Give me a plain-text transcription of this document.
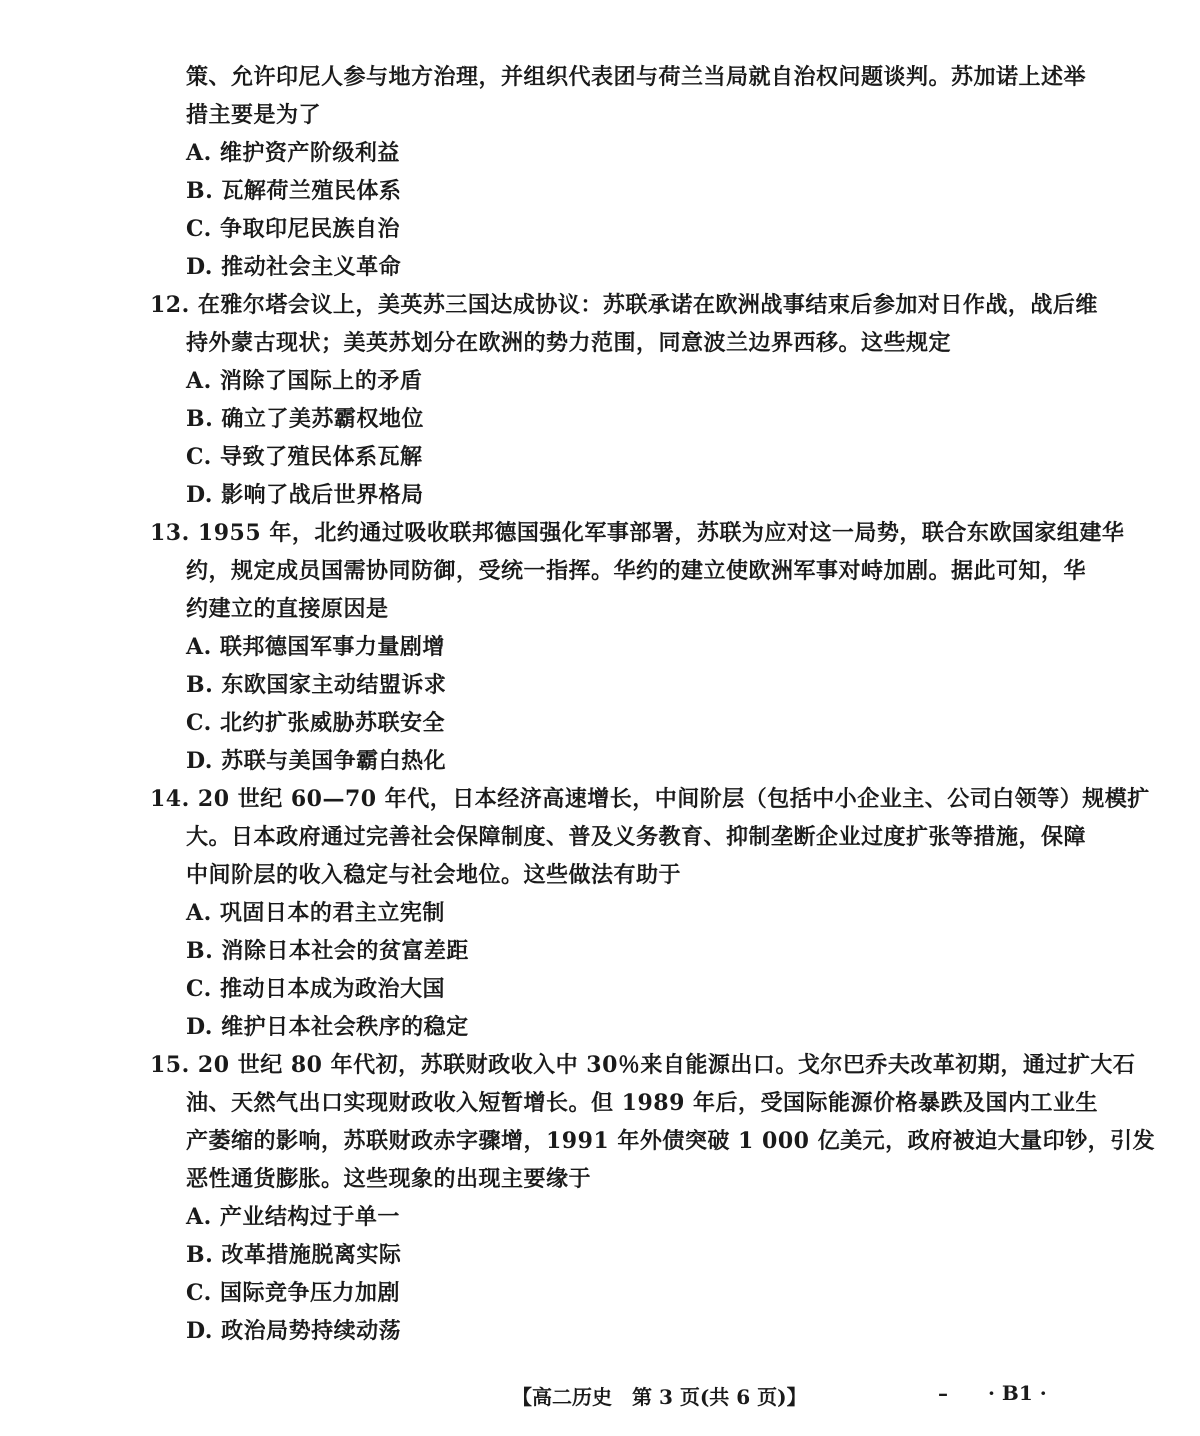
策、允许印尼人参与地方治理，并组织代表团与荷兰当局就自治权问题谈判。苏加诺上述举
措主要是为了
A. 维护资产阶级利益
B. 瓦解荷兰殖民体系
C. 争取印尼民族自治
D. 推动社会主义革命
12. 在雅尔塔会议上，美英苏三国达成协议：苏联承诺在欧洲战事结束后参加对日作战，战后维
持外蒙古现状；美英苏划分在欧洲的势力范围，同意波兰边界西移。这些规定
A. 消除了国际上的矛盾
B. 确立了美苏霸权地位
C. 导致了殖民体系瓦解
D. 影响了战后世界格局
13. 1955 年，北约通过吸收联邦德国强化军事部署，苏联为应对这一局势，联合东欧国家组建华
约，规定成员国需协同防御，受统一指挥。华约的建立使欧洲军事对峙加剧。据此可知，华
约建立的直接原因是
A. 联邦德国军事力量剧增
B. 东欧国家主动结盟诉求
C. 北约扩张威胁苏联安全
D. 苏联与美国争霸白热化
14. 20 世纪 60—70 年代，日本经济高速增长，中间阶层（包括中小企业主、公司白领等）规模扩
大。日本政府通过完善社会保障制度、普及义务教育、抑制垄断企业过度扩张等措施，保障
中间阶层的收入稳定与社会地位。这些做法有助于
A. 巩固日本的君主立宪制
B. 消除日本社会的贫富差距
C. 推动日本成为政治大国
D. 维护日本社会秩序的稳定
15. 20 世纪 80 年代初，苏联财政收入中 30％来自能源出口。戈尔巴乔夫改革初期，通过扩大石
油、天然气出口实现财政收入短暂增长。但 1989 年后，受国际能源价格暴跌及国内工业生
产萎缩的影响，苏联财政赤字骤增，1991 年外债突破 1 000 亿美元，政府被迫大量印钞，引发
恶性通货膨胀。这些现象的出现主要缘于
A. 产业结构过于单一
B. 改革措施脱离实际
C. 国际竞争压力加剧
D. 政治局势持续动荡
【高二历史　第 3 页(共 6 页)】	– · B1 ·
